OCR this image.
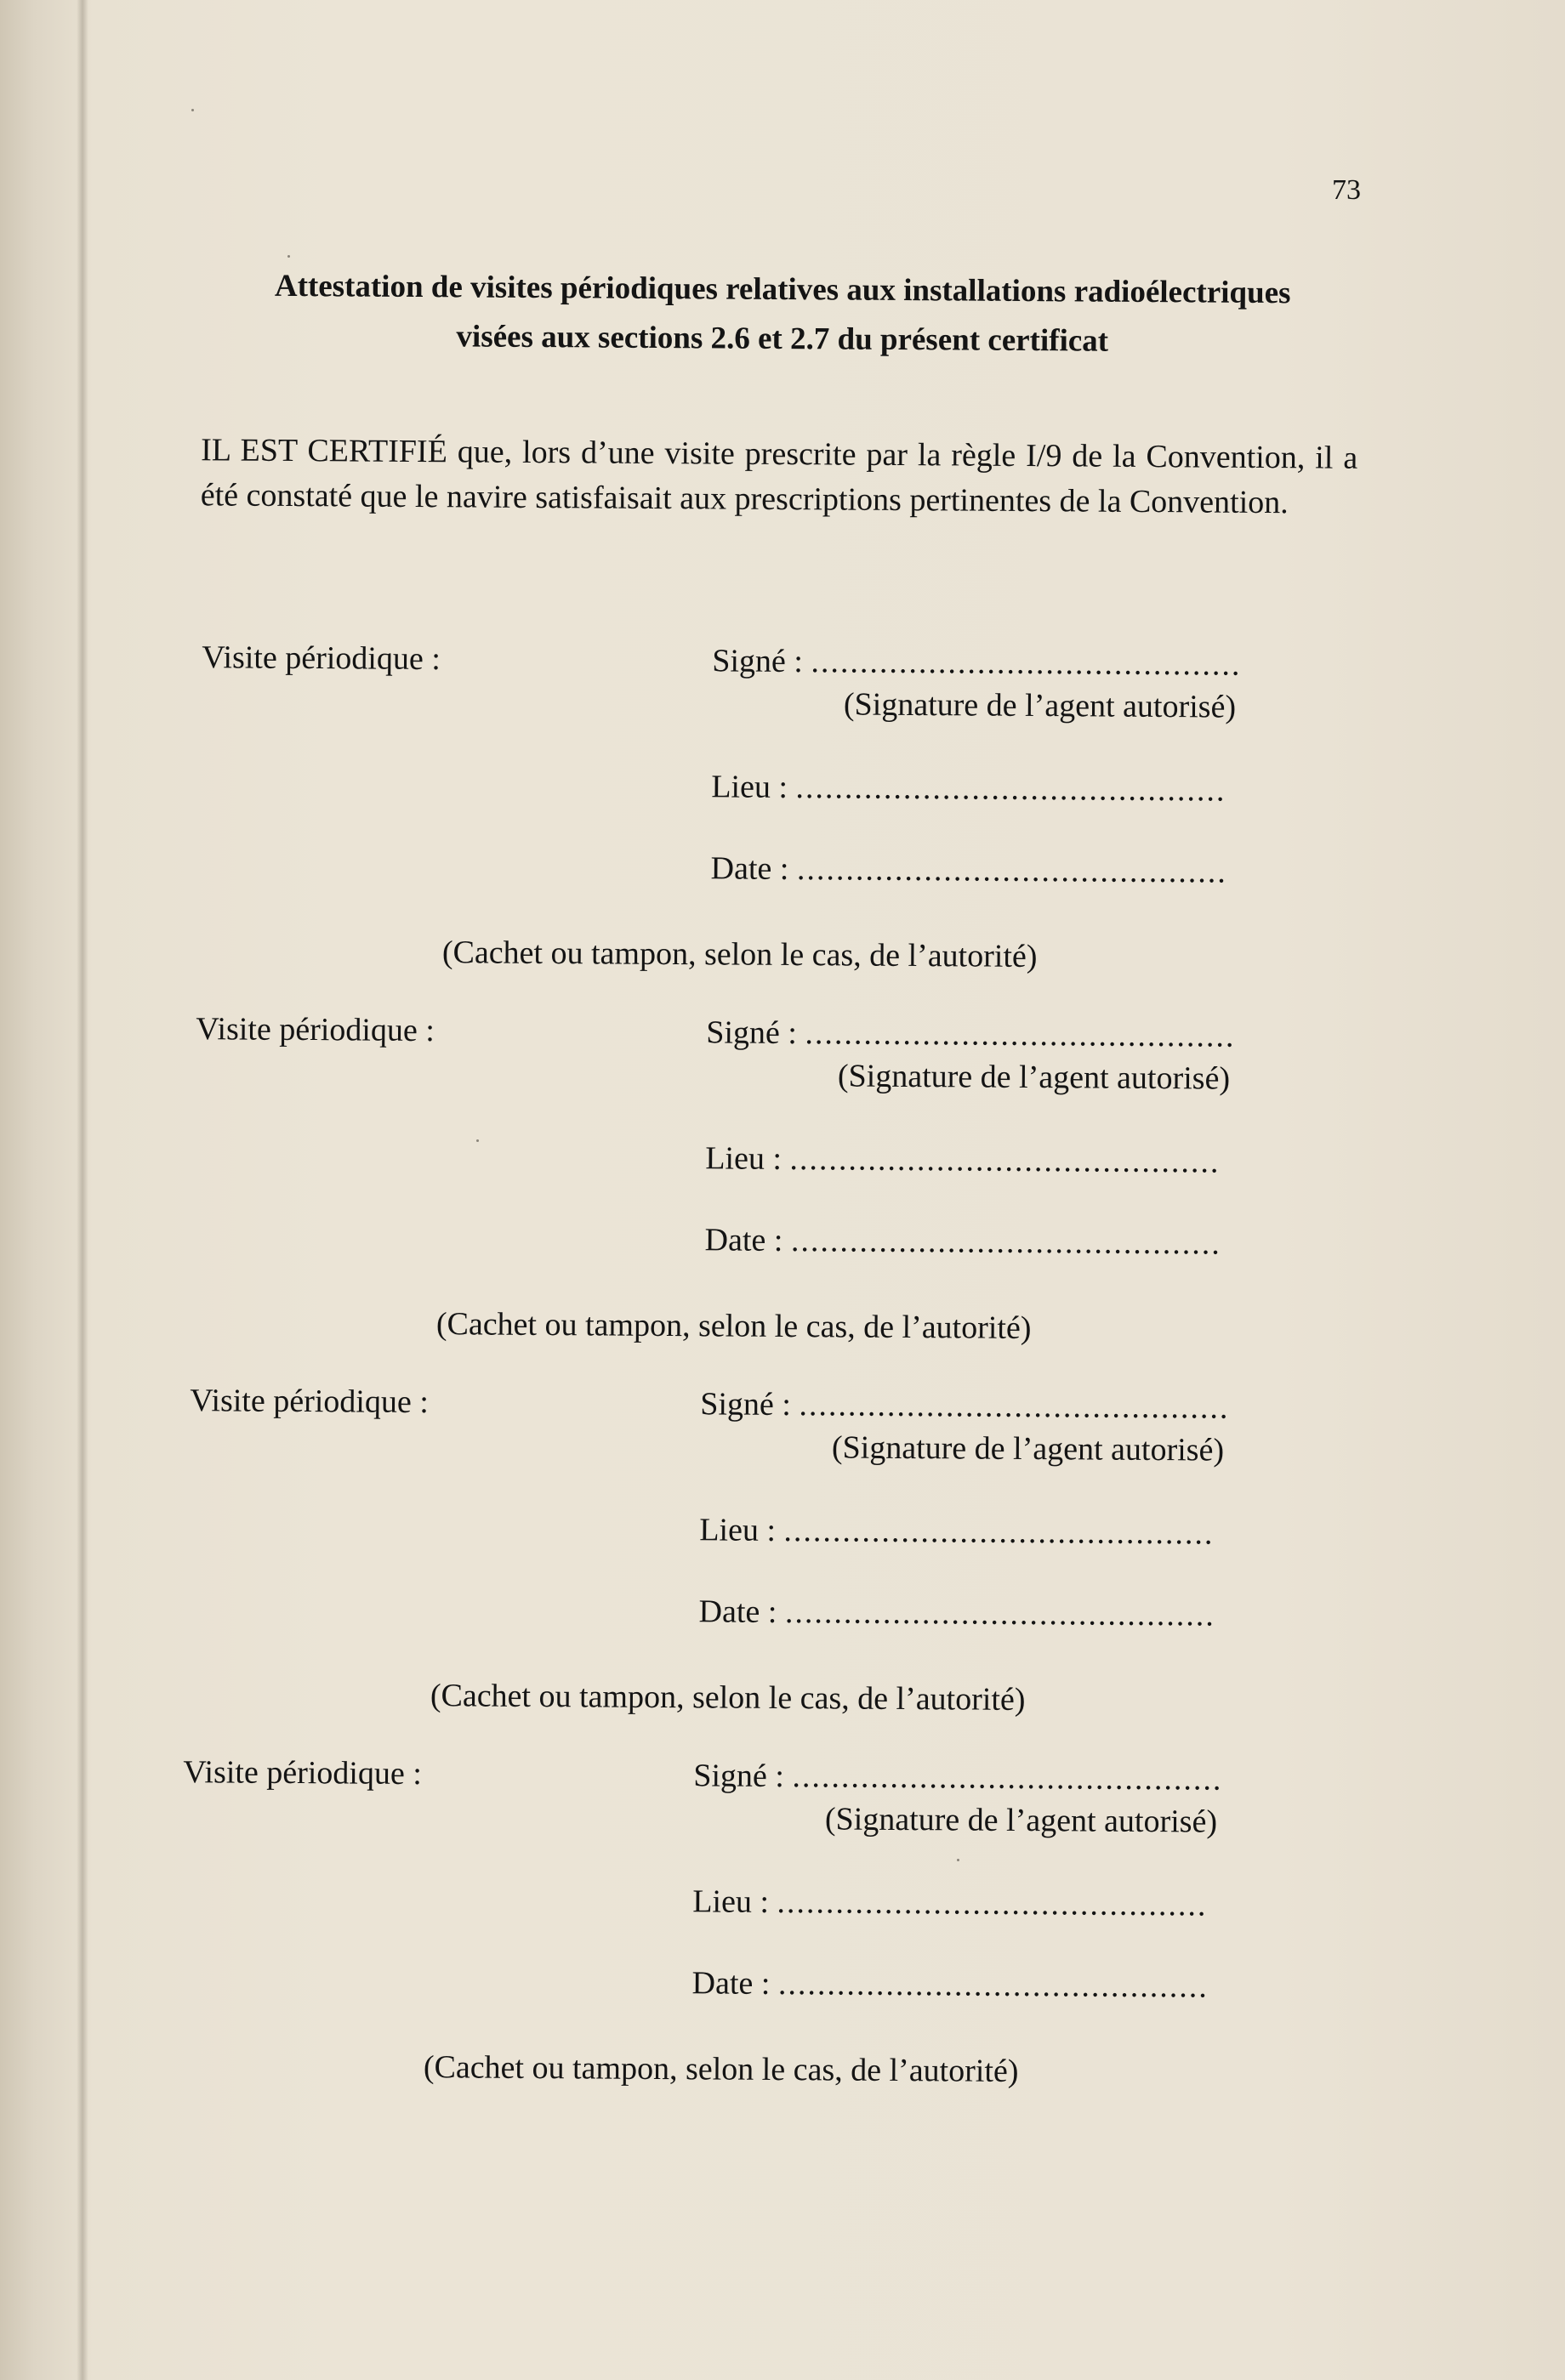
73
Attestation de visites périodiques relatives aux installations radioélectriques
visées aux sections 2.6 et 2.7 du présent certificat
IL EST CERTIFIÉ que, lors d’une visite prescrite par la règle I/9 de la Convention, il a été constaté que le navire satisfaisait aux prescriptions pertinentes de la Convention.
Visite périodique :	Signé : ............................................
(Signature de l’agent autorisé)
Lieu : ............................................
Date : ............................................
(Cachet ou tampon, selon le cas, de l’autorité)
Visite périodique :	Signé : ............................................
(Signature de l’agent autorisé)
Lieu : ............................................
Date : ............................................
(Cachet ou tampon, selon le cas, de l’autorité)
Visite périodique :	Signé : ............................................
(Signature de l’agent autorisé)
Lieu : ............................................
Date : ............................................
(Cachet ou tampon, selon le cas, de l’autorité)
Visite périodique :	Signé : ............................................
(Signature de l’agent autorisé)
Lieu : ............................................
Date : ............................................
(Cachet ou tampon, selon le cas, de l’autorité)
